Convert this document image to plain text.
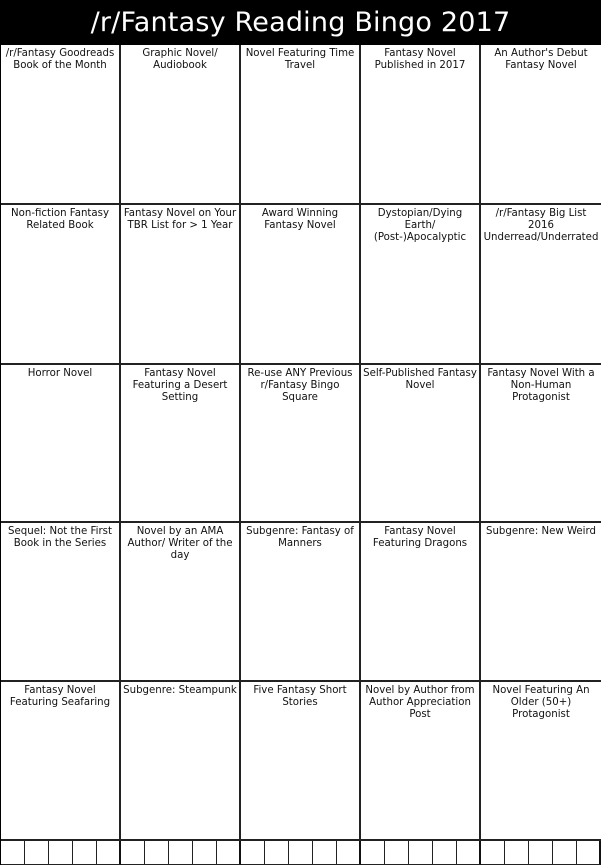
/r/Fantasy Reading Bingo 2017
/r/Fantasy Goodreads Book of the Month
Graphic Novel/ Audiobook
Novel Featuring Time Travel
Fantasy Novel Published in 2017
An Author's Debut Fantasy Novel
Non-fiction Fantasy Related Book
Fantasy Novel on Your TBR List for > 1 Year
Award Winning Fantasy Novel
Dystopian/Dying Earth/ (Post-)Apocalyptic
/r/Fantasy Big List 2016 Underread/Underrated
Horror Novel	Fantasy Novel Featuring a Desert Setting
Re-use ANY Previous r/Fantasy Bingo Square
Self-Published Fantasy Novel
Fantasy Novel With a Non-Human Protagonist
Sequel: Not the First Book in the Series
Novel by an AMA Author/ Writer of the day
Subgenre: Fantasy of Manners
Fantasy Novel Featuring Dragons
Subgenre: New Weird
Fantasy Novel Featuring Seafaring
Subgenre: Steampunk	Five Fantasy Short Stories
Novel by Author from Author Appreciation Post
Novel Featuring An Older (50+) Protagonist
